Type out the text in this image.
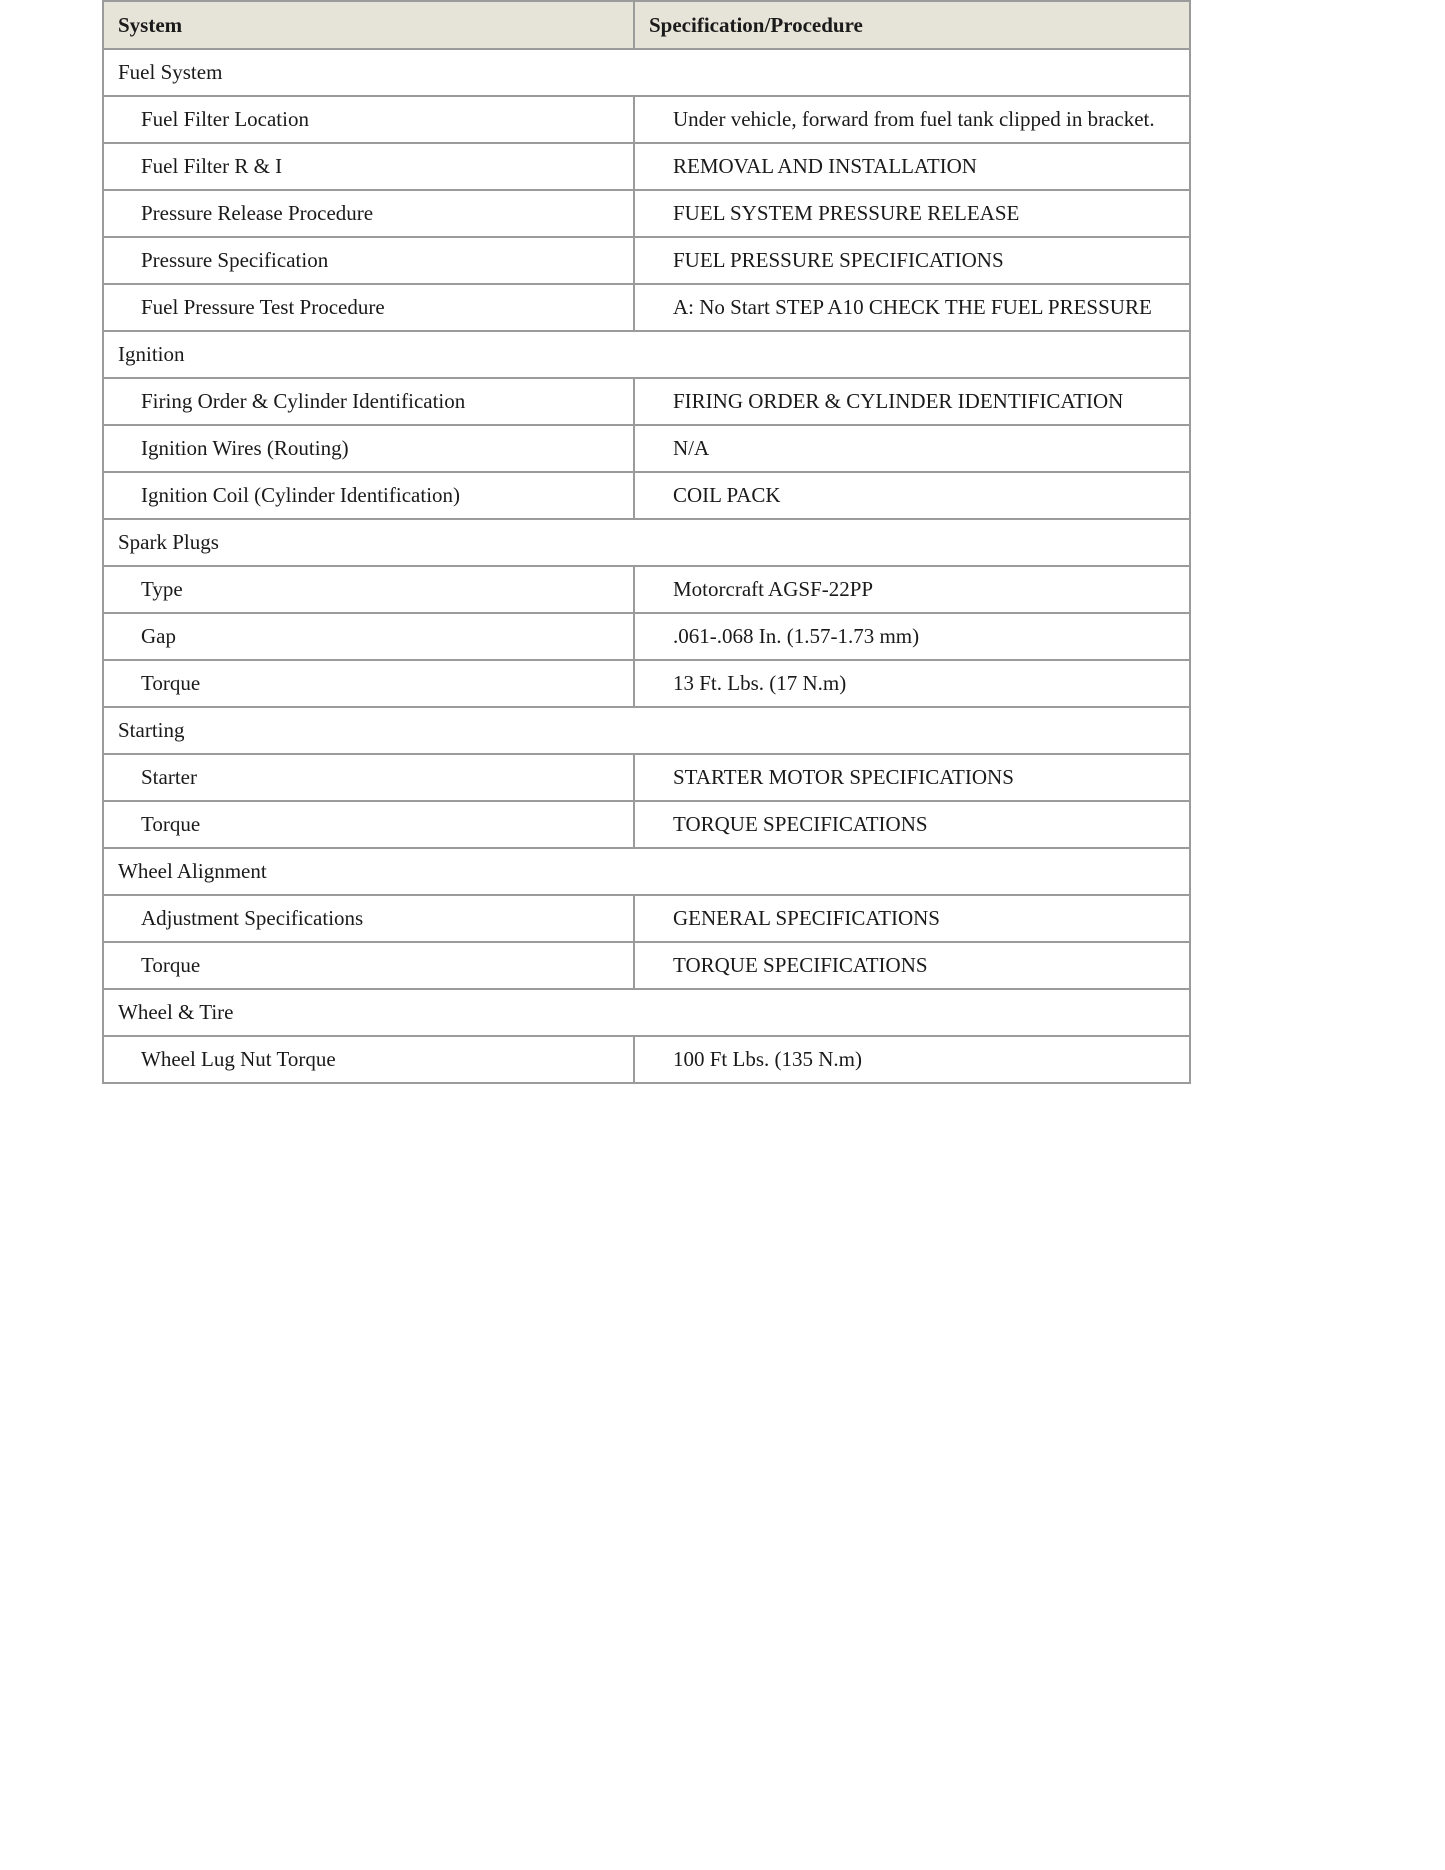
System	Specification/Procedure
Fuel System	
Fuel Filter Location	Under vehicle, forward from fuel tank clipped in bracket.
Fuel Filter R & I	REMOVAL AND INSTALLATION
Pressure Release Procedure	FUEL SYSTEM PRESSURE RELEASE
Pressure Specification	FUEL PRESSURE SPECIFICATIONS
Fuel Pressure Test Procedure	A: No Start STEP A10 CHECK THE FUEL PRESSURE
Ignition	
Firing Order & Cylinder Identification	FIRING ORDER & CYLINDER IDENTIFICATION
Ignition Wires (Routing)	N/A
Ignition Coil (Cylinder Identification)	COIL PACK
Spark Plugs	
Type	Motorcraft AGSF-22PP
Gap	.061-.068 In. (1.57-1.73 mm)
Torque	13 Ft. Lbs. (17 N.m)
Starting	
Starter	STARTER MOTOR SPECIFICATIONS
Torque	TORQUE SPECIFICATIONS
Wheel Alignment	
Adjustment Specifications	GENERAL SPECIFICATIONS
Torque	TORQUE SPECIFICATIONS
Wheel & Tire	
Wheel Lug Nut Torque	100 Ft Lbs. (135 N.m)
